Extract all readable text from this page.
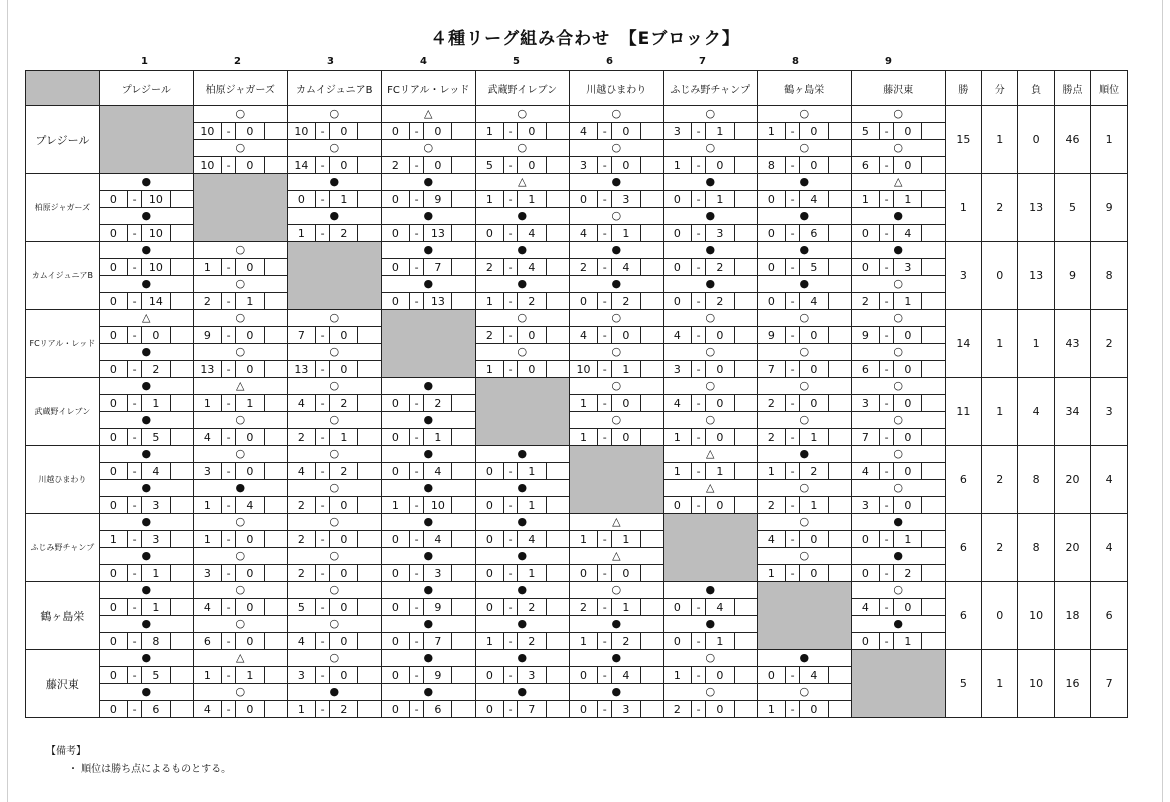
４種リーグ組み合わせ　【Eブロック】
1	2	3	4	5	6	7	8	9
	プレジール				柏原ジャガーズ				カムイジュニアB				FCリアル・レッド				武蔵野イレブン				川越ひまわり				ふじみ野チャンプ				鶴ヶ島栄				藤沢東				勝	分	負	勝点	順位
プレジール					○				○				△				○				○				○				○				○				15	1	0	46	1
					10	-	0		10	-	0		0	-	0		1	-	0		4	-	0		3	-	1		1	-	0		5	-	0						
					○				○				○				○				○				○				○				○								
					10	-	0		14	-	0		2	-	0		5	-	0		3	-	0		1	-	0		8	-	0		6	-	0						
柏原ジャガーズ	●								●				●				△				●				●				●				△				1	2	13	5	9
	0	-	10						0	-	1		0	-	9		1	-	1		0	-	3		0	-	1		0	-	4		1	-	1						
	●								●				●				●				○				●				●				●								
	0	-	10						1	-	2		0	-	13		0	-	4		4	-	1		0	-	3		0	-	6		0	-	4						
カムイジュニアB	●				○								●				●				●				●				●				●				3	0	13	9	8
	0	-	10		1	-	0						0	-	7		2	-	4		2	-	4		0	-	2		0	-	5		0	-	3						
	●				○								●				●				●				●				●				○								
	0	-	14		2	-	1						0	-	13		1	-	2		0	-	2		0	-	2		0	-	4		2	-	1						
FCリアル・レッド	△				○				○								○				○				○				○				○				14	1	1	43	2
	0	-	0		9	-	0		7	-	0						2	-	0		4	-	0		4	-	0		9	-	0		9	-	0						
	●				○				○								○				○				○				○				○								
	0	-	2		13	-	0		13	-	0						1	-	0		10	-	1		3	-	0		7	-	0		6	-	0						
武蔵野イレブン	●				△				○				●								○				○				○				○				11	1	4	34	3
	0	-	1		1	-	1		4	-	2		0	-	2						1	-	0		4	-	0		2	-	0		3	-	0						
	●				○				○				●								○				○				○				○								
	0	-	5		4	-	0		2	-	1		0	-	1						1	-	0		1	-	0		2	-	1		7	-	0						
川越ひまわり	●				○				○				●				●								△				●				○				6	2	8	20	4
	0	-	4		3	-	0		4	-	2		0	-	4		0	-	1						1	-	1		1	-	2		4	-	0						
	●				●				○				●				●								△				○				○								
	0	-	3		1	-	4		2	-	0		1	-	10		0	-	1						0	-	0		2	-	1		3	-	0						
ふじみ野チャンプ	●				○				○				●				●				△								○				●				6	2	8	20	4
	1	-	3		1	-	0		2	-	0		0	-	4		0	-	4		1	-	1						4	-	0		0	-	1						
	●				○				○				●				●				△								○				●								
	0	-	1		3	-	0		2	-	0		0	-	3		0	-	1		0	-	0						1	-	0		0	-	2						
鶴ヶ島栄	●				○				○				●				●				○				●								○				6	0	10	18	6
	0	-	1		4	-	0		5	-	0		0	-	9		0	-	2		2	-	1		0	-	4						4	-	0						
	●				○				○				●				●				●				●								●								
	0	-	8		6	-	0		4	-	0		0	-	7		1	-	2		1	-	2		0	-	1						0	-	1						
藤沢東	●				△				○				●				●				●				○				●								5	1	10	16	7
	0	-	5		1	-	1		3	-	0		0	-	9		0	-	3		0	-	4		1	-	0		0	-	4										
	●				○				●				●				●				●				○				○												
	0	-	6		4	-	0		1	-	2		0	-	6		0	-	7		0	-	3		2	-	0		1	-	0										
【備考】
・ 順位は勝ち点によるものとする。
